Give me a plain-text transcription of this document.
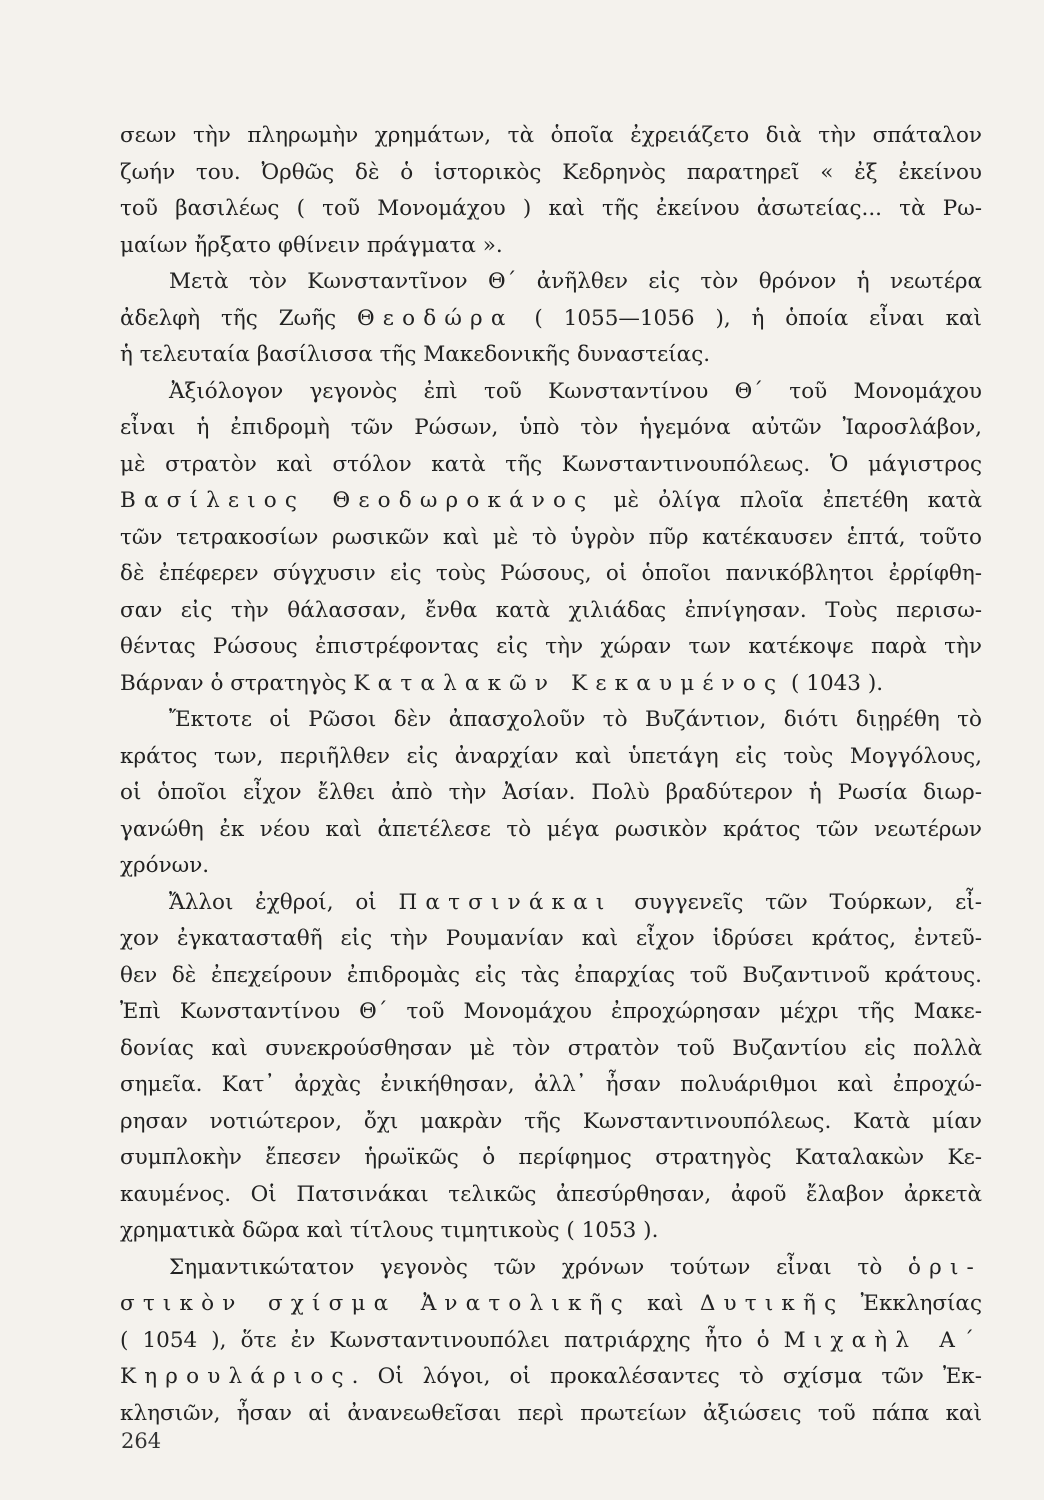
σεων τὴν πληρωμὴν χρημάτων, τὰ ὁποῖα ἐχρειάζετο διὰ τὴν σπάταλον
ζωήν του. Ὀρθῶς δὲ ὁ ἱστορικὸς Κεδρηνὸς παρατηρεῖ « ἐξ ἐκείνου
τοῦ βασιλέως ( τοῦ Μονομάχου ) καὶ τῆς ἐκείνου ἀσωτείας... τὰ Ρω-
μαίων ἤρξατο φθίνειν πράγματα ».
Μετὰ τὸν Κωνσταντῖνον Θ΄ ἀνῆλθεν εἰς τὸν θρόνον ἡ νεωτέρα
ἀδελφὴ τῆς Ζωῆς Θεοδώρα ( 1055—1056 ), ἡ ὁποία εἶναι καὶ
ἡ τελευταία βασίλισσα τῆς Μακεδονικῆς δυναστείας.
Ἀξιόλογον γεγονὸς ἐπὶ τοῦ Κωνσταντίνου Θ΄ τοῦ Μονομάχου
εἶναι ἡ ἐπιδρομὴ τῶν Ρώσων, ὑπὸ τὸν ἡγεμόνα αὐτῶν Ἰαροσλάβον,
μὲ στρατὸν καὶ στόλον κατὰ τῆς Κωνσταντινουπόλεως. Ὁ μάγιστρος
Βασίλειος Θεοδωροκάνος μὲ ὀλίγα πλοῖα ἐπετέθη κατὰ
τῶν τετρακοσίων ρωσικῶν καὶ μὲ τὸ ὑγρὸν πῦρ κατέκαυσεν ἑπτά, τοῦτο
δὲ ἐπέφερεν σύγχυσιν εἰς τοὺς Ρώσους, οἱ ὁποῖοι πανικόβλητοι ἐρρίφθη-
σαν εἰς τὴν θάλασσαν, ἔνθα κατὰ χιλιάδας ἐπνίγησαν. Τοὺς περισω-
θέντας Ρώσους ἐπιστρέφοντας εἰς τὴν χώραν των κατέκοψε παρὰ τὴν
Βάρναν ὁ στρατηγὸς Καταλακῶν Κεκαυμένος ( 1043 ).
Ἔκτοτε οἱ Ρῶσοι δὲν ἀπασχολοῦν τὸ Βυζάντιον, διότι διῃρέθη τὸ
κράτος των, περιῆλθεν εἰς ἀναρχίαν καὶ ὑπετάγη εἰς τοὺς Μογγόλους,
οἱ ὁποῖοι εἶχον ἔλθει ἀπὸ τὴν Ἀσίαν. Πολὺ βραδύτερον ἡ Ρωσία διωρ-
γανώθη ἐκ νέου καὶ ἀπετέλεσε τὸ μέγα ρωσικὸν κράτος τῶν νεωτέρων
χρόνων.
Ἄλλοι ἐχθροί, οἱ Πατσινάκαι συγγενεῖς τῶν Τούρκων, εἶ-
χον ἐγκατασταθῆ εἰς τὴν Ρουμανίαν καὶ εἶχον ἱδρύσει κράτος, ἐντεῦ-
θεν δὲ ἐπεχείρουν ἐπιδρομὰς εἰς τὰς ἐπαρχίας τοῦ Βυζαντινοῦ κράτους.
Ἐπὶ Κωνσταντίνου Θ΄ τοῦ Μονομάχου ἐπροχώρησαν μέχρι τῆς Μακε-
δονίας καὶ συνεκρούσθησαν μὲ τὸν στρατὸν τοῦ Βυζαντίου εἰς πολλὰ
σημεῖα. Κατ᾽ ἀρχὰς ἐνικήθησαν, ἀλλ᾽ ἦσαν πολυάριθμοι καὶ ἐπροχώ-
ρησαν νοτιώτερον, ὄχι μακρὰν τῆς Κωνσταντινουπόλεως. Κατὰ μίαν
συμπλοκὴν ἔπεσεν ἡρωϊκῶς ὁ περίφημος στρατηγὸς Καταλακὼν Κε-
καυμένος. Οἱ Πατσινάκαι τελικῶς ἀπεσύρθησαν, ἀφοῦ ἔλαβον ἀρκετὰ
χρηματικὰ δῶρα καὶ τίτλους τιμητικοὺς ( 1053 ).
Σημαντικώτατον γεγονὸς τῶν χρόνων τούτων εἶναι τὸ ὁρι-
στικὸν σχίσμα Ἀνατολικῆς καὶ Δυτικῆς Ἐκκλησίας
( 1054 ), ὅτε ἐν Κωνσταντινουπόλει πατριάρχης ἦτο ὁ Μιχαὴλ Α΄
Κηρουλάριος. Οἱ λόγοι, οἱ προκαλέσαντες τὸ σχίσμα τῶν Ἐκ-
κλησιῶν, ἦσαν αἱ ἀνανεωθεῖσαι περὶ πρωτείων ἀξιώσεις τοῦ πάπα καὶ
264
